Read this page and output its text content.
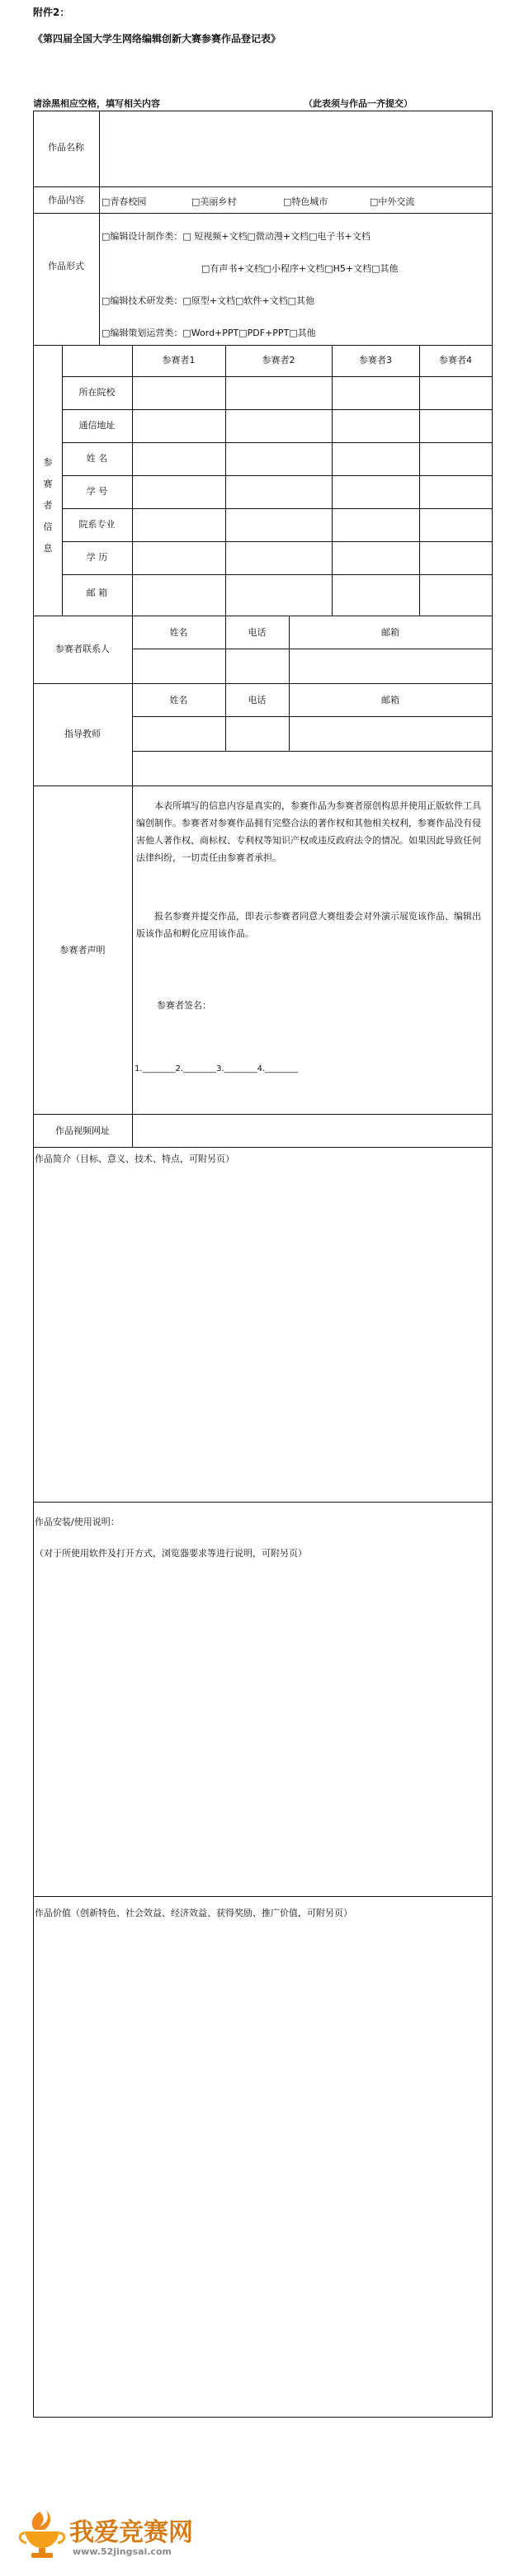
附件2：
《第四届全国大学生网络编辑创新大赛参赛作品登记表》
请涂黑相应空格，填写相关内容	（此表须与作品一齐提交）
作品名称
作品内容	□青春校园	□美丽乡村	□特色城市	□中外交流
作品形式
□编辑设计制作类：□ 短视频+文档□微动漫+文档□电子书+文档
□有声书+文档□小程序+文档□H5+文档□其他
□编辑技术研发类：□原型+文档□软件+文档□其他
□编辑策划运营类：□Word+PPT□PDF+PPT□其他
参赛者信息
参赛者1	参赛者2	参赛者3	参赛者4
所在院校
通信地址
姓 名
学 号
院系专业
学 历
邮 箱
参赛者联系人
姓名	电话	邮箱
指导教师
姓名	电话	邮箱
参赛者声明
本表所填写的信息内容是真实的，参赛作品为参赛者原创构思并使用正版软件工具编创制作。参赛者对参赛作品拥有完整合法的著作权和其他相关权利，参赛作品没有侵害他人著作权、商标权、专利权等知识产权或违反政府法令的情况。如果因此导致任何法律纠纷，一切责任由参赛者承担。
报名参赛并提交作品，即表示参赛者同意大赛组委会对外演示展览该作品、编辑出版该作品和孵化应用该作品。
参赛者签名：
1.________2.________3.________4.________
作品视频网址
作品简介（目标、意义、技术、特点，可附另页）
作品安装/使用说明：
（对于所使用软件及打开方式，浏览器要求等进行说明，可附另页）
作品价值（创新特色、社会效益、经济效益、获得奖励、推广价值，可附另页）
我爱竞赛网
www.52jingsai.com
